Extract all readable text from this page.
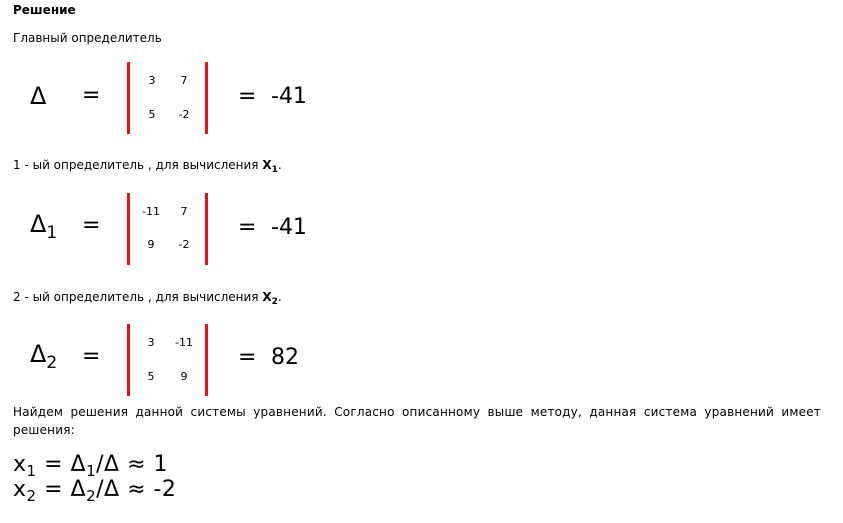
Решение
Главный определитель
Δ =
3	7
5	-2
= -41
1 - ый определитель , для вычисления $X_1$.
$\Delta_1$ =
-11	7
9	-2
= -41
2 - ый определитель , для вычисления $X_2$.
$\Delta_2$ =
3	-11
5	9
= 82
Найдем решения данной системы уравнений. Согласно описанному выше методу, данная система уравнений имеет решения:
$x_1 = \Delta_1/\Delta \approx 1$
$x_2 = \Delta_2/\Delta \approx -2$
